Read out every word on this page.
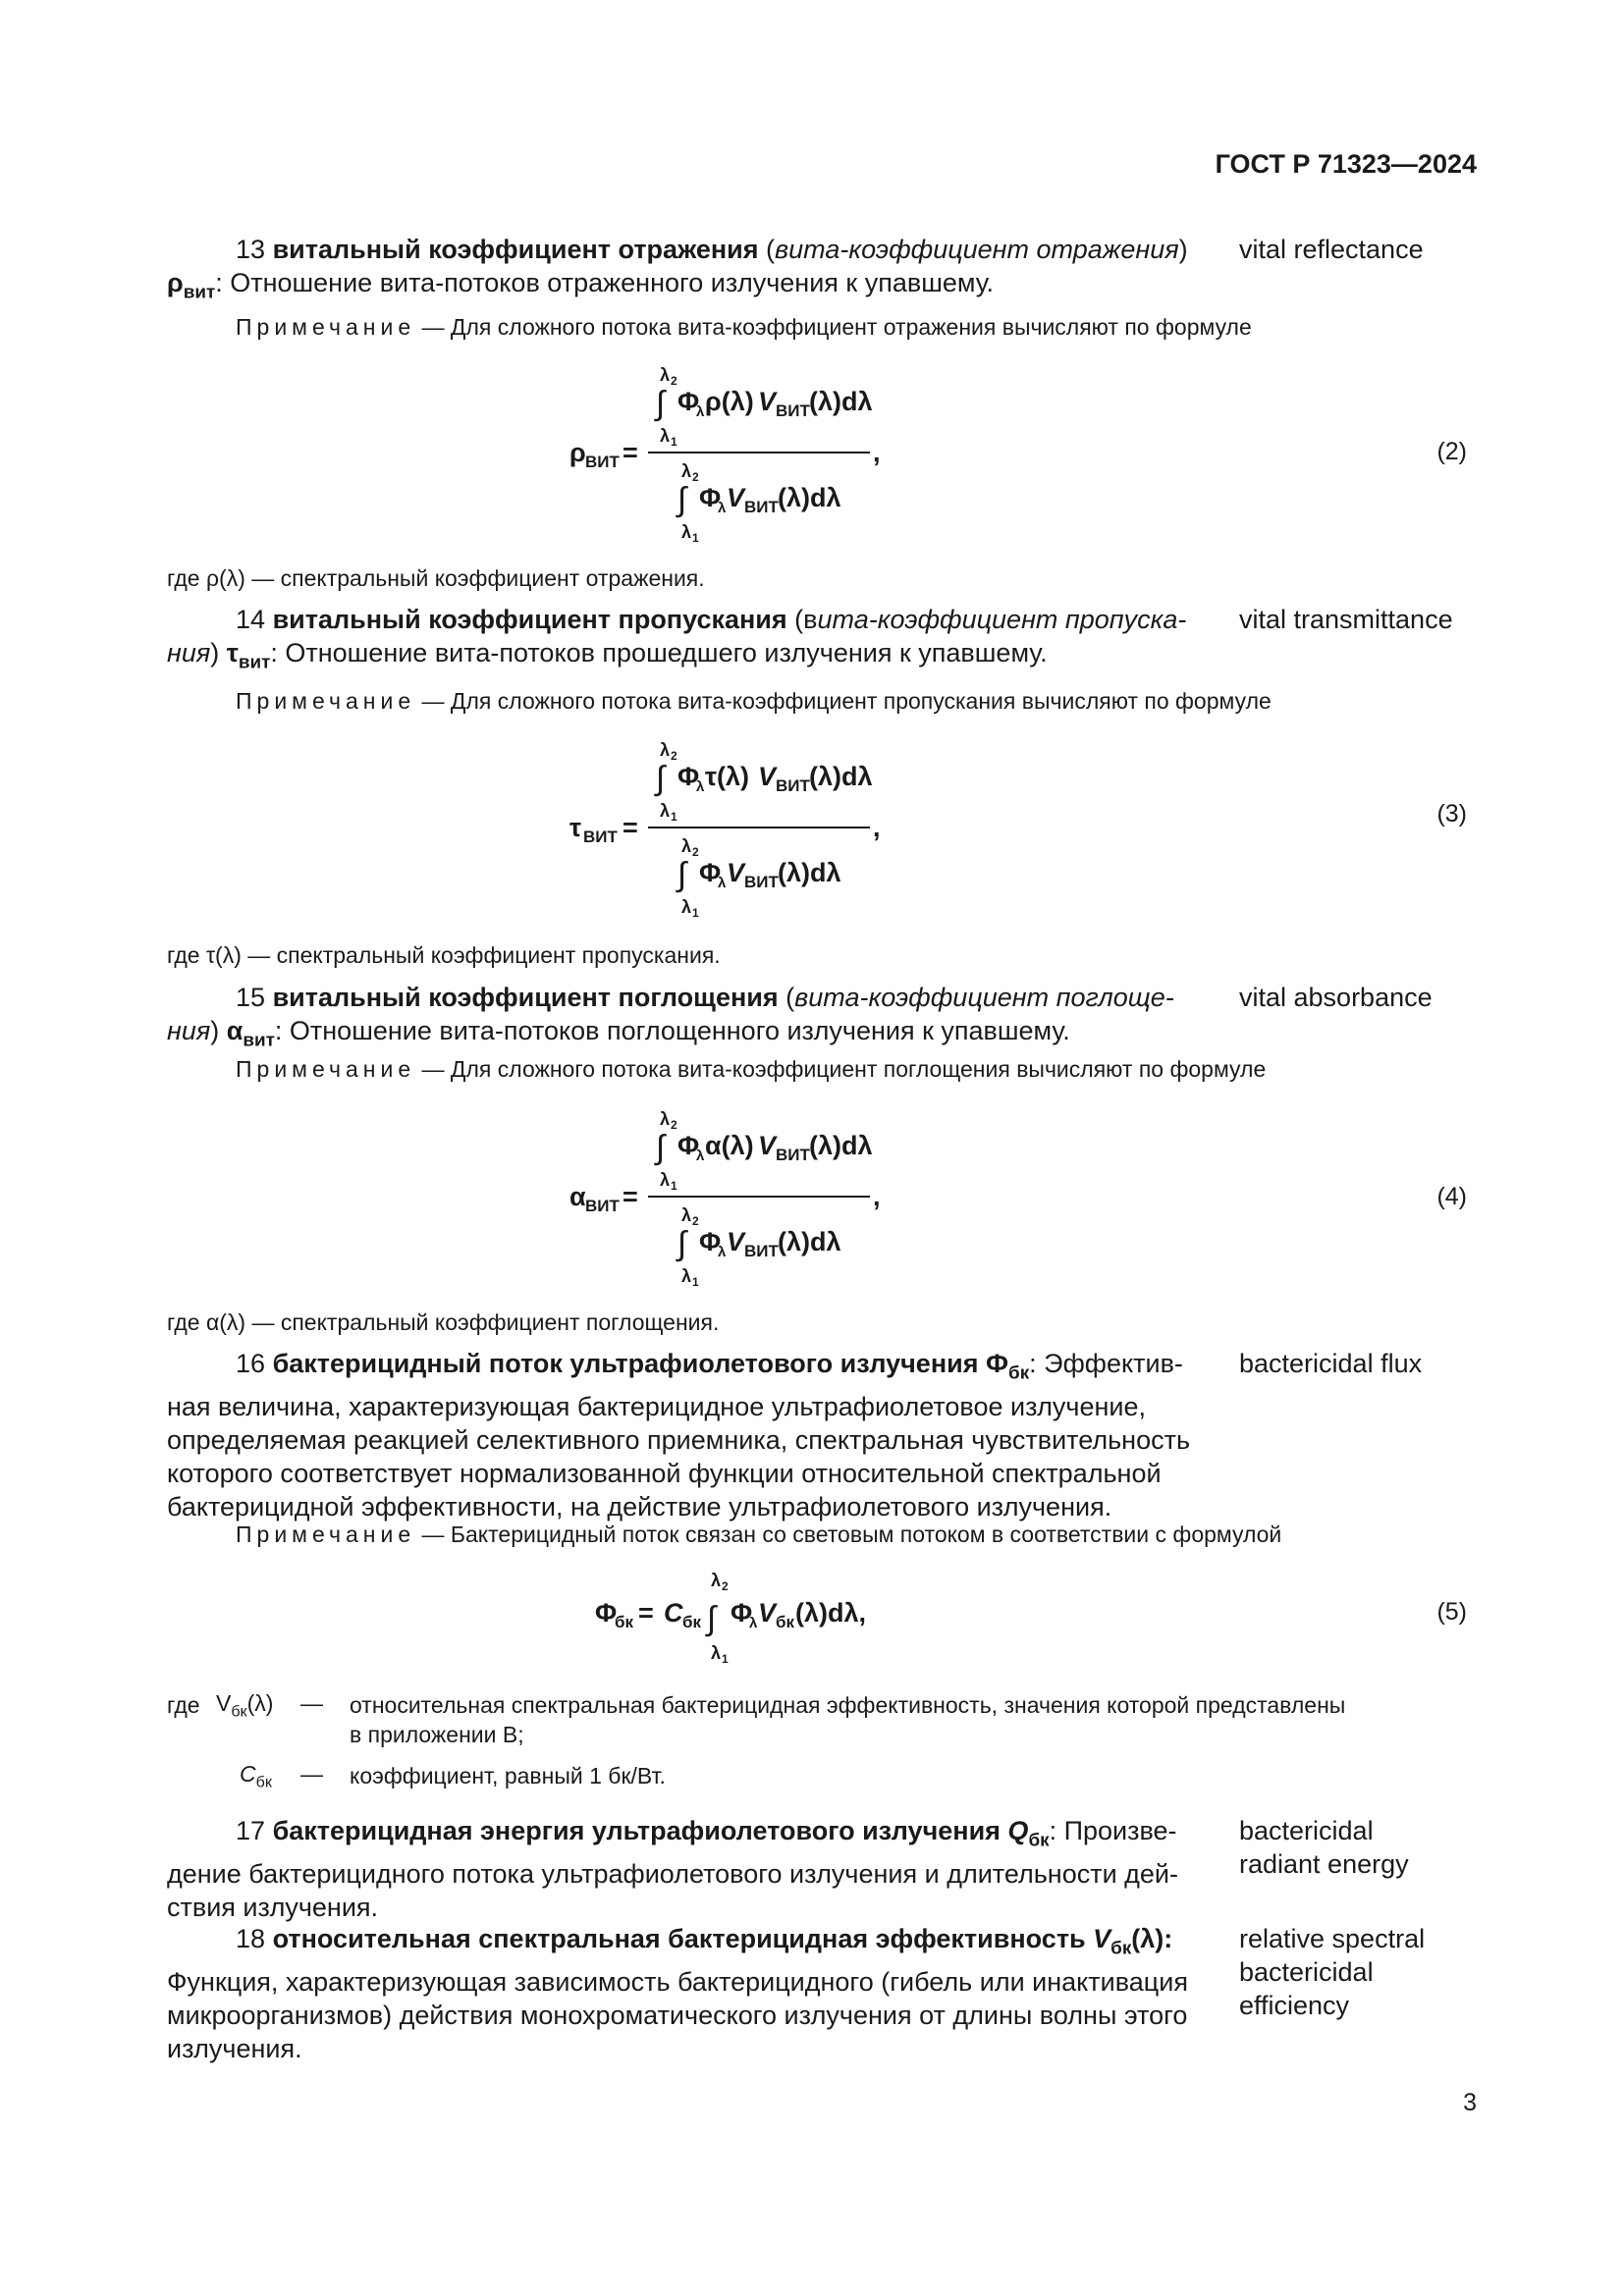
ГОСТ Р 71323—2024
13 витальный коэффициент отражения (вита-коэффициент отражения)
$\rho_{вит}$: Отношение вита-потоков отраженного излучения к упавшему.
vital reflectance
Примечание — Для сложного потока вита-коэффициент отражения вычисляют по формуле
ρ ВИТ =	,
λ 2
∫
λ 1
Φ
λ ρ(λ) V ВИТ (λ)dλ
λ 2
∫
λ 1
Φ
λ V ВИТ (λ)dλ
(2)
где ρ(λ) — спектральный коэффициент отражения.
14 витальный коэффициент пропускания (вита-коэффициент пропуска-
ния) $\tau_{вит}$: Отношение вита-потоков прошедшего излучения к упавшему.
vital transmittance
Примечание — Для сложного потока вита-коэффициент пропускания вычисляют по формуле
τ ВИТ =	,
λ 2
∫
λ 1
Φ
λ τ(λ) V ВИТ (λ)dλ
λ 2
∫
λ 1
Φ
λ V ВИТ (λ)dλ
(3)
где τ(λ) — спектральный коэффициент пропускания.
15 витальный коэффициент поглощения (вита-коэффициент поглоще-
ния) $\alpha_{вит}$: Отношение вита-потоков поглощенного излучения к упавшему.
vital absorbance
Примечание — Для сложного потока вита-коэффициент поглощения вычисляют по формуле
α ВИТ =	,
λ 2
∫
λ 1
Φ
λ α(λ) V ВИТ (λ)dλ
λ 2
∫
λ 1
Φ
λ V ВИТ (λ)dλ
(4)
где α(λ) — спектральный коэффициент поглощения.
16 бактерицидный поток ультрафиолетового излучения $Ф_{бк}$: Эффектив-
ная величина, характеризующая бактерицидное ультрафиолетовое излучение,
определяемая реакцией селективного приемника, спектральная чувствительность
которого соответствует нормализованной функции относительной спектральной
бактерицидной эффективности, на действие ультрафиолетового излучения.
bactericidal flux
Примечание — Бактерицидный поток связан со световым потоком в соответствии с формулой
Φ
бк = C бк
λ 2
∫
λ 1
Φ
λ V бк (λ)dλ,	(5)
где $V_{бк}(\lambda)$ — относительная спектральная бактерицидная эффективность, значения которой представлены
в приложении В;
$C_{бк}$ — коэффициент, равный 1 бк/Вт.
17 бактерицидная энергия ультрафиолетового излучения $Q_{бк}$: Произве-
дение бактерицидного потока ультрафиолетового излучения и длительности дей-
ствия излучения.
bactericidal
radiant energy
18 относительная спектральная бактерицидная эффективность $V_{бк}(\lambda)$:
Функция, характеризующая зависимость бактерицидного (гибель или инактивация
микроорганизмов) действия монохроматического излучения от длины волны этого
излучения.
relative spectral
bactericidal
efficiency
3
